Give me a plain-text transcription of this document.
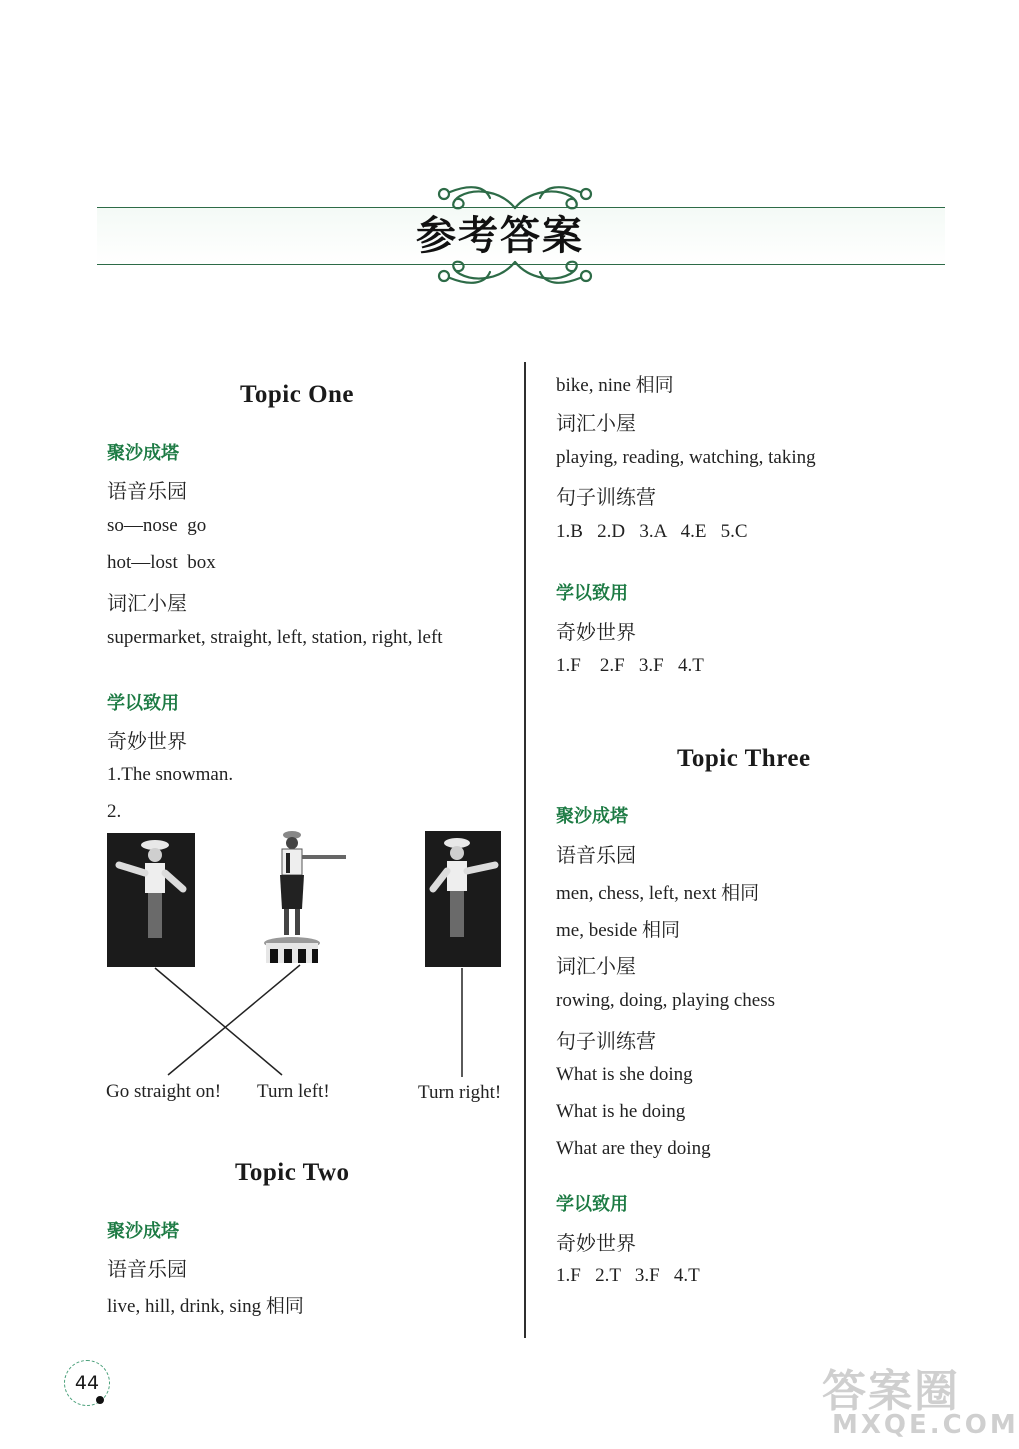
参考答案
Topic One
聚沙成塔
语音乐园
so—nose  go
hot—lost  box
词汇小屋
supermarket, straight, left, station, right, left
学以致用
奇妙世界
1.The snowman.
2.
Go straight on! Turn left!	Turn right!
Topic Two
聚沙成塔
语音乐园
live, hill, drink, sing 相同
bike, nine 相同
词汇小屋
playing, reading, watching, taking
句子训练营
1.B   2.D   3.A   4.E   5.C
学以致用
奇妙世界
1.F    2.F   3.F   4.T
Topic Three
聚沙成塔
语音乐园
men, chess, left, next 相同
me, beside 相同
词汇小屋
rowing, doing, playing chess
句子训练营
What is she doing
What is he doing
What are they doing
学以致用
奇妙世界
1.F   2.T   3.F   4.T
44	答案圈
MXQE.COM
